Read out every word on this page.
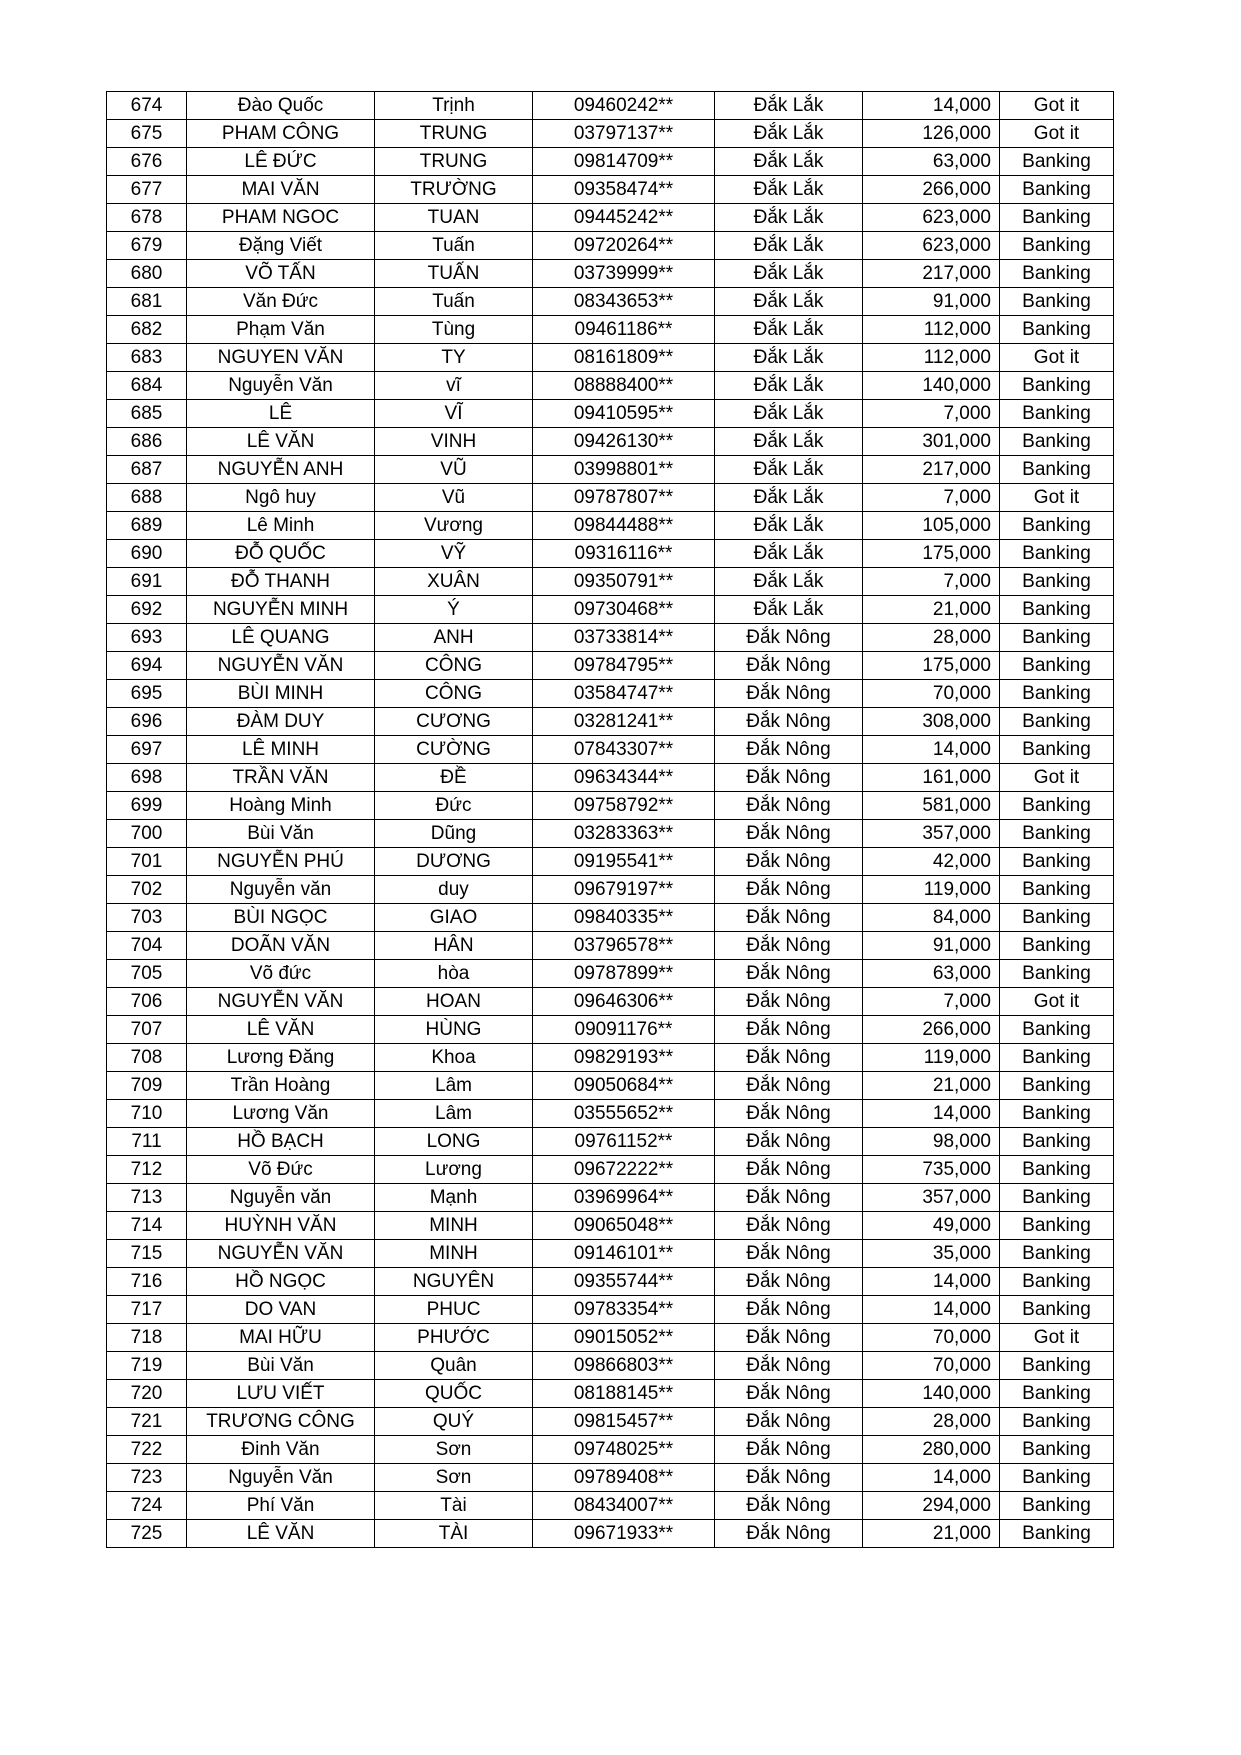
674	Đào Quốc	Trịnh	09460242**	Đắk Lắk	14,000	Got it
675	PHAM CÔNG	TRUNG	03797137**	Đắk Lắk	126,000	Got it
676	LÊ ĐỨC	TRUNG	09814709**	Đắk Lắk	63,000	Banking
677	MAI VĂN	TRƯỜNG	09358474**	Đắk Lắk	266,000	Banking
678	PHAM NGOC	TUAN	09445242**	Đắk Lắk	623,000	Banking
679	Đặng Viết	Tuấn	09720264**	Đắk Lắk	623,000	Banking
680	VÕ TẤN	TUẤN	03739999**	Đắk Lắk	217,000	Banking
681	Văn Đức	Tuấn	08343653**	Đắk Lắk	91,000	Banking
682	Phạm Văn	Tùng	09461186**	Đắk Lắk	112,000	Banking
683	NGUYEN VĂN	TY	08161809**	Đắk Lắk	112,000	Got it
684	Nguyễn Văn	vĩ	08888400**	Đắk Lắk	140,000	Banking
685	LÊ	VĨ	09410595**	Đắk Lắk	7,000	Banking
686	LÊ VĂN	VINH	09426130**	Đắk Lắk	301,000	Banking
687	NGUYỄN ANH	VŨ	03998801**	Đắk Lắk	217,000	Banking
688	Ngô huy	Vũ	09787807**	Đắk Lắk	7,000	Got it
689	Lê Minh	Vương	09844488**	Đắk Lắk	105,000	Banking
690	ĐỖ QUỐC	VỸ	09316116**	Đắk Lắk	175,000	Banking
691	ĐỖ THANH	XUÂN	09350791**	Đắk Lắk	7,000	Banking
692	NGUYỄN MINH	Ý	09730468**	Đắk Lắk	21,000	Banking
693	LÊ QUANG	ANH	03733814**	Đắk Nông	28,000	Banking
694	NGUYỄN VĂN	CÔNG	09784795**	Đắk Nông	175,000	Banking
695	BÙI MINH	CÔNG	03584747**	Đắk Nông	70,000	Banking
696	ĐÀM DUY	CƯƠNG	03281241**	Đắk Nông	308,000	Banking
697	LÊ MINH	CƯỜNG	07843307**	Đắk Nông	14,000	Banking
698	TRẦN VĂN	ĐỀ	09634344**	Đắk Nông	161,000	Got it
699	Hoàng Minh	Đức	09758792**	Đắk Nông	581,000	Banking
700	Bùi Văn	Dũng	03283363**	Đắk Nông	357,000	Banking
701	NGUYỄN PHÚ	DƯƠNG	09195541**	Đắk Nông	42,000	Banking
702	Nguyễn văn	duy	09679197**	Đắk Nông	119,000	Banking
703	BÙI NGỌC	GIAO	09840335**	Đắk Nông	84,000	Banking
704	DOÃN VĂN	HÂN	03796578**	Đắk Nông	91,000	Banking
705	Võ đức	hòa	09787899**	Đắk Nông	63,000	Banking
706	NGUYỄN VĂN	HOAN	09646306**	Đắk Nông	7,000	Got it
707	LÊ VĂN	HÙNG	09091176**	Đắk Nông	266,000	Banking
708	Lương Đăng	Khoa	09829193**	Đắk Nông	119,000	Banking
709	Trần Hoàng	Lâm	09050684**	Đắk Nông	21,000	Banking
710	Lương Văn	Lâm	03555652**	Đắk Nông	14,000	Banking
711	HỒ BẠCH	LONG	09761152**	Đắk Nông	98,000	Banking
712	Võ Đức	Lương	09672222**	Đắk Nông	735,000	Banking
713	Nguyễn văn	Mạnh	03969964**	Đắk Nông	357,000	Banking
714	HUỲNH VĂN	MINH	09065048**	Đắk Nông	49,000	Banking
715	NGUYỄN VĂN	MINH	09146101**	Đắk Nông	35,000	Banking
716	HỒ NGỌC	NGUYÊN	09355744**	Đắk Nông	14,000	Banking
717	DO VAN	PHUC	09783354**	Đắk Nông	14,000	Banking
718	MAI HỮU	PHƯỚC	09015052**	Đắk Nông	70,000	Got it
719	Bùi Văn	Quân	09866803**	Đắk Nông	70,000	Banking
720	LƯU VIẾT	QUỐC	08188145**	Đắk Nông	140,000	Banking
721	TRƯƠNG CÔNG	QUÝ	09815457**	Đắk Nông	28,000	Banking
722	Đinh Văn	Sơn	09748025**	Đắk Nông	280,000	Banking
723	Nguyễn Văn	Sơn	09789408**	Đắk Nông	14,000	Banking
724	Phí Văn	Tài	08434007**	Đắk Nông	294,000	Banking
725	LÊ VĂN	TÀI	09671933**	Đắk Nông	21,000	Banking
